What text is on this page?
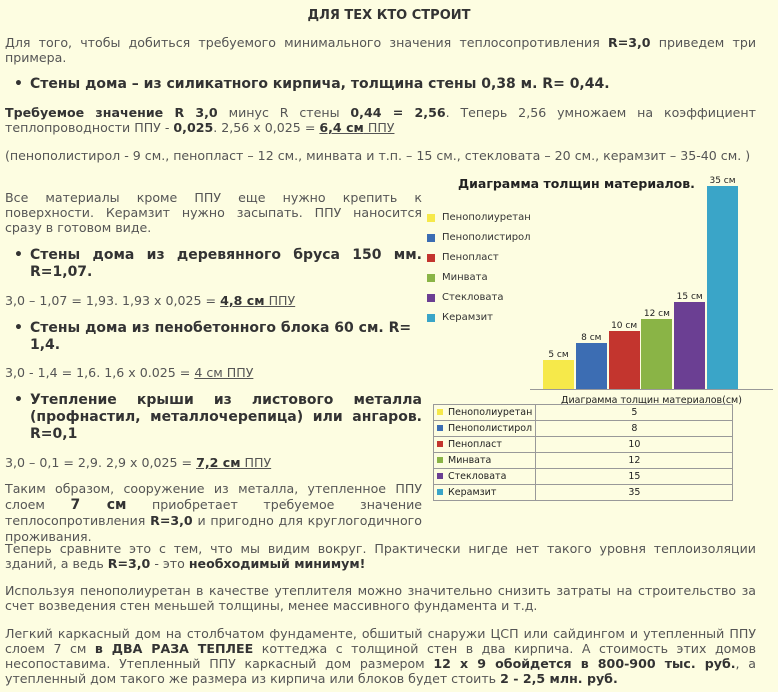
ДЛЯ ТЕХ КТО СТРОИТ

Для того, чтобы добиться требуемого минимального значения теплосопротивления R=3,0 приведем три примера.

• Стены дома – из силикатного кирпича, толщина стены 0,38 м. R= 0,44.

Требуемое значение R 3,0 минус R стены 0,44 = 2,56. Теперь 2,56 умножаем на коэффициент теплопроводности ППУ - 0,025. 2,56 х 0,025 = 6,4 см ППУ

(пенополистирол - 9 см., пенопласт – 12 см., минвата и т.п. – 15 см., стекловата – 20 см., керамзит – 35-40 см. )

Все материалы кроме ППУ еще нужно крепить к поверхности. Керамзит нужно засыпать. ППУ наносится сразу в готовом виде.

• Стены дома из деревянного бруса 150 мм. R=1,07.

3,0 – 1,07 = 1,93. 1,93 х 0,025 = 4,8 см ППУ

• Стены дома из пенобетонного блока 60 см. R= 1,4.

3,0 - 1,4 = 1,6. 1,6 х 0.025 = 4 см ППУ

• Утепление крыши из листового металла (профнастил, металлочерепица) или ангаров. R=0,1

3,0 – 0,1 = 2,9. 2,9 х 0,025 = 7,2 см ППУ

Таким образом, сооружение из металла, утепленное ППУ слоем 7 см приобретает требуемое значение теплосопротивления R=3,0 и пригодно для круглогодичного проживания.

Теперь сравните это с тем, что мы видим вокруг. Практически нигде нет такого уровня теплоизоляции зданий, а ведь R=3,0 - это необходимый минимум!

Используя пенополиуретан в качестве утеплителя можно значительно снизить затраты на строительство за счет возведения стен меньшей толщины, менее массивного фундамента и т.д.

Легкий каркасный дом на столбчатом фундаменте, обшитый снаружи ЦСП или сайдингом и утепленный ППУ слоем 7 см в ДВА РАЗА ТЕПЛЕЕ коттеджа с толщиной стен в два кирпича. А стоимость этих домов несопоставима. Утепленный ППУ каркасный дом размером 12 х 9 обойдется в 800-900 тыс. руб., а утепленный дом такого же размера из кирпича или блоков будет стоить 2 - 2,5 млн. руб.

Диаграмма толщин материалов.
Пенополиуретан
Пенополистирол
Пенопласт
Минвата
Стекловата
Керамзит
5 см
8 см
10 см
12 см
15 см
35 см
Диаграмма толщин материалов(см)
Пенополиуретан	5

Пенополистирол	8

Пенопласт	10

Минвата	12

Стекловата	15

Керамзит	35
